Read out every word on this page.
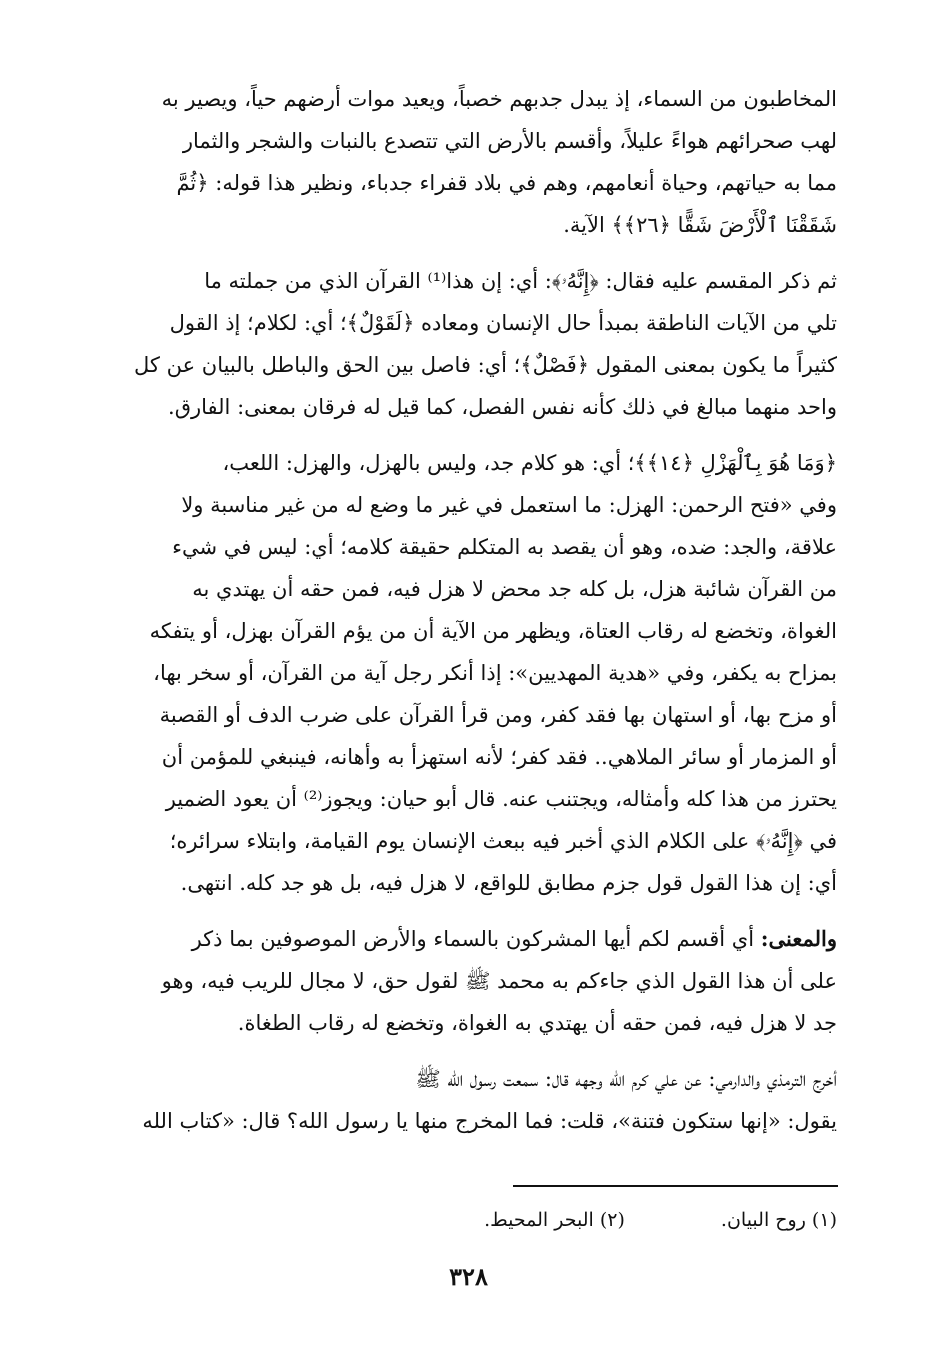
المخاطبون من السماء، إذ يبدل جدبهم خصباً، ويعيد موات أرضهم حياً، ويصير به

لهب صحرائهم هواءً عليلاً، وأقسم بالأرض التي تتصدع بالنبات والشجر والثمار

مما به حياتهم، وحياة أنعامهم، وهم في بلاد قفراء جدباء، ونظير هذا قوله: ﴿ثُمَّ

شَقَقْنَا ٱلْأَرْضَ شَقًّا ﴿٢٦﴾﴾ الآية.

ثم ذكر المقسم عليه فقال: ﴿إِنَّهُۥ﴾: أي: إن هذا⁽¹⁾ القرآن الذي من جملته ما

تلي من الآيات الناطقة بمبدأ حال الإنسان ومعاده ﴿لَقَوْلٌ﴾؛ أي: لكلام؛ إذ القول

كثيراً ما يكون بمعنى المقول ﴿فَصْلٌ﴾؛ أي: فاصل بين الحق والباطل بالبيان عن كل

واحد منهما مبالغ في ذلك كأنه نفس الفصل، كما قيل له فرقان بمعنى: الفارق.

﴿وَمَا هُوَ بِٱلْهَزْلِ ﴿١٤﴾﴾؛ أي: هو كلام جد، وليس بالهزل، والهزل: اللعب،

وفي «فتح الرحمن: الهزل: ما استعمل في غير ما وضع له من غير مناسبة ولا

علاقة، والجد: ضده، وهو أن يقصد به المتكلم حقيقة كلامه؛ أي: ليس في شيء

من القرآن شائبة هزل، بل كله جد محض لا هزل فيه، فمن حقه أن يهتدي به

الغواة، وتخضع له رقاب العتاة، ويظهر من الآية أن من يؤم القرآن بهزل، أو يتفكه

بمزاح به يكفر، وفي «هدية المهديين»: إذا أنكر رجل آية من القرآن، أو سخر بها،

أو مزح بها، أو استهان بها فقد كفر، ومن قرأ القرآن على ضرب الدف أو القصبة

أو المزمار أو سائر الملاهي.. فقد كفر؛ لأنه استهزأ به وأهانه، فينبغي للمؤمن أن

يحترز من هذا كله وأمثاله، ويجتنب عنه. قال أبو حيان: ويجوز⁽²⁾ أن يعود الضمير

في ﴿إِنَّهُۥ﴾ على الكلام الذي أخبر فيه ببعث الإنسان يوم القيامة، وابتلاء سرائره؛

أي: إن هذا القول قول جزم مطابق للواقع، لا هزل فيه، بل هو جد كله. انتهى.

والمعنى: أي أقسم لكم أيها المشركون بالسماء والأرض الموصوفين بما ذكر

على أن هذا القول الذي جاءكم به محمد ﷺ لقول حق، لا مجال للريب فيه، وهو

جد لا هزل فيه، فمن حقه أن يهتدي به الغواة، وتخضع له رقاب الطغاة.

أخرج الترمذي والدارمي: عن علي كرم الله وجهه قال: سمعت رسول الله ﷺ

يقول: «إنها ستكون فتنة»، قلت: فما المخرج منها يا رسول الله؟ قال: «كتاب الله

(١) روح البيان. (٢) البحر المحيط.
٣٢٨
